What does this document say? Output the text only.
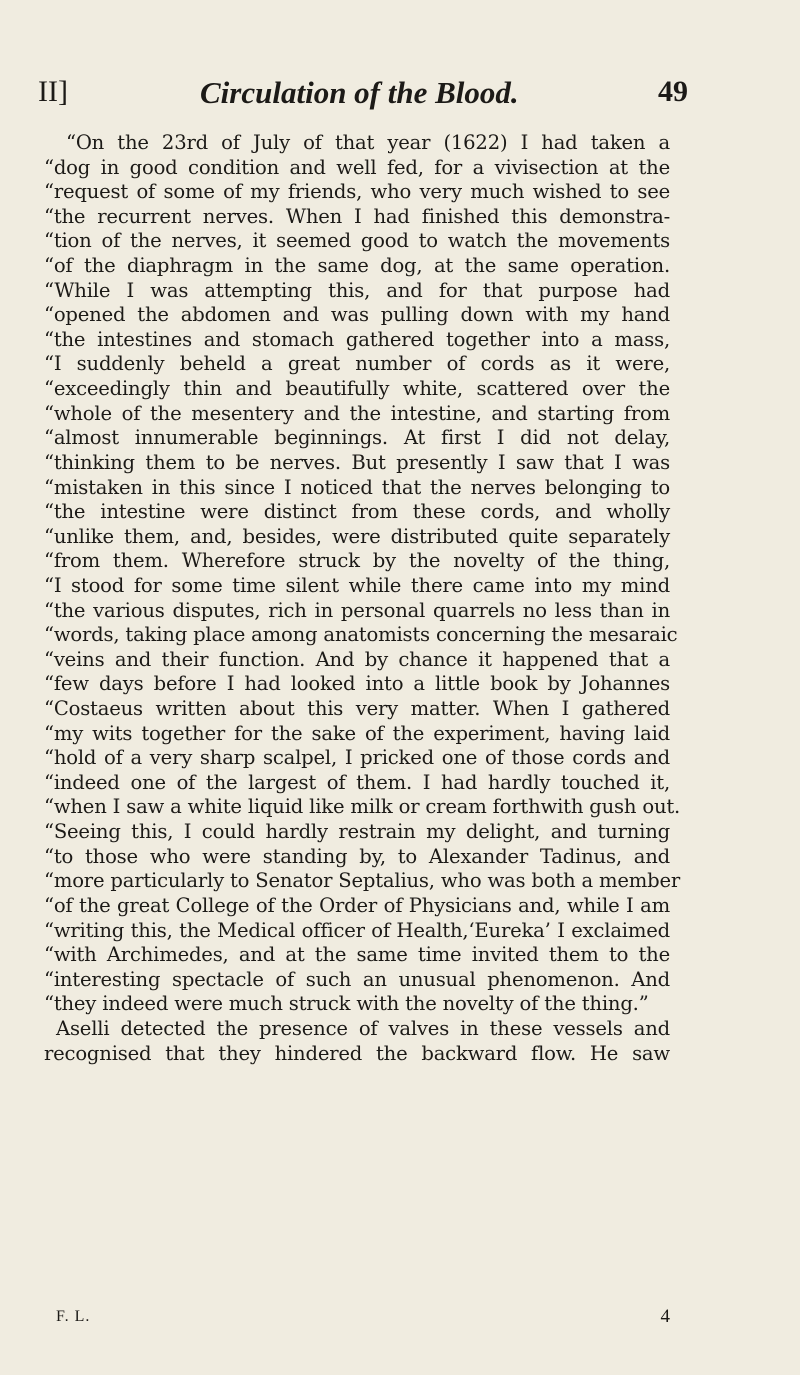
II]	Circulation of the Blood.	49
“On the 23rd of July of that year (1622) I had taken a
“dog in good condition and well fed, for a vivisection at the
“request of some of my friends, who very much wished to see
“the recurrent nerves. When I had finished this demonstra-
“tion of the nerves, it seemed good to watch the movements
“of the diaphragm in the same dog, at the same operation.
“While I was attempting this, and for that purpose had
“opened the abdomen and was pulling down with my hand
“the intestines and stomach gathered together into a mass,
“I suddenly beheld a great number of cords as it were,
“exceedingly thin and beautifully white, scattered over the
“whole of the mesentery and the intestine, and starting from
“almost innumerable beginnings. At first I did not delay,
“thinking them to be nerves. But presently I saw that I was
“mistaken in this since I noticed that the nerves belonging to
“the intestine were distinct from these cords, and wholly
“unlike them, and, besides, were distributed quite separately
“from them. Wherefore struck by the novelty of the thing,
“I stood for some time silent while there came into my mind
“the various disputes, rich in personal quarrels no less than in
“words, taking place among anatomists concerning the mesaraic
“veins and their function. And by chance it happened that a
“few days before I had looked into a little book by Johannes
“Costaeus written about this very matter. When I gathered
“my wits together for the sake of the experiment, having laid
“hold of a very sharp scalpel, I pricked one of those cords and
“indeed one of the largest of them. I had hardly touched it,
“when I saw a white liquid like milk or cream forthwith gush out.
“Seeing this, I could hardly restrain my delight, and turning
“to those who were standing by, to Alexander Tadinus, and
“more particularly to Senator Septalius, who was both a member
“of the great College of the Order of Physicians and, while I am
“writing this, the Medical officer of Health,‘Eureka’ I exclaimed
“with Archimedes, and at the same time invited them to the
“interesting spectacle of such an unusual phenomenon. And
“they indeed were much struck with the novelty of the thing.”
Aselli detected the presence of valves in these vessels and
recognised that they hindered the backward flow. He saw
F. L.	4
